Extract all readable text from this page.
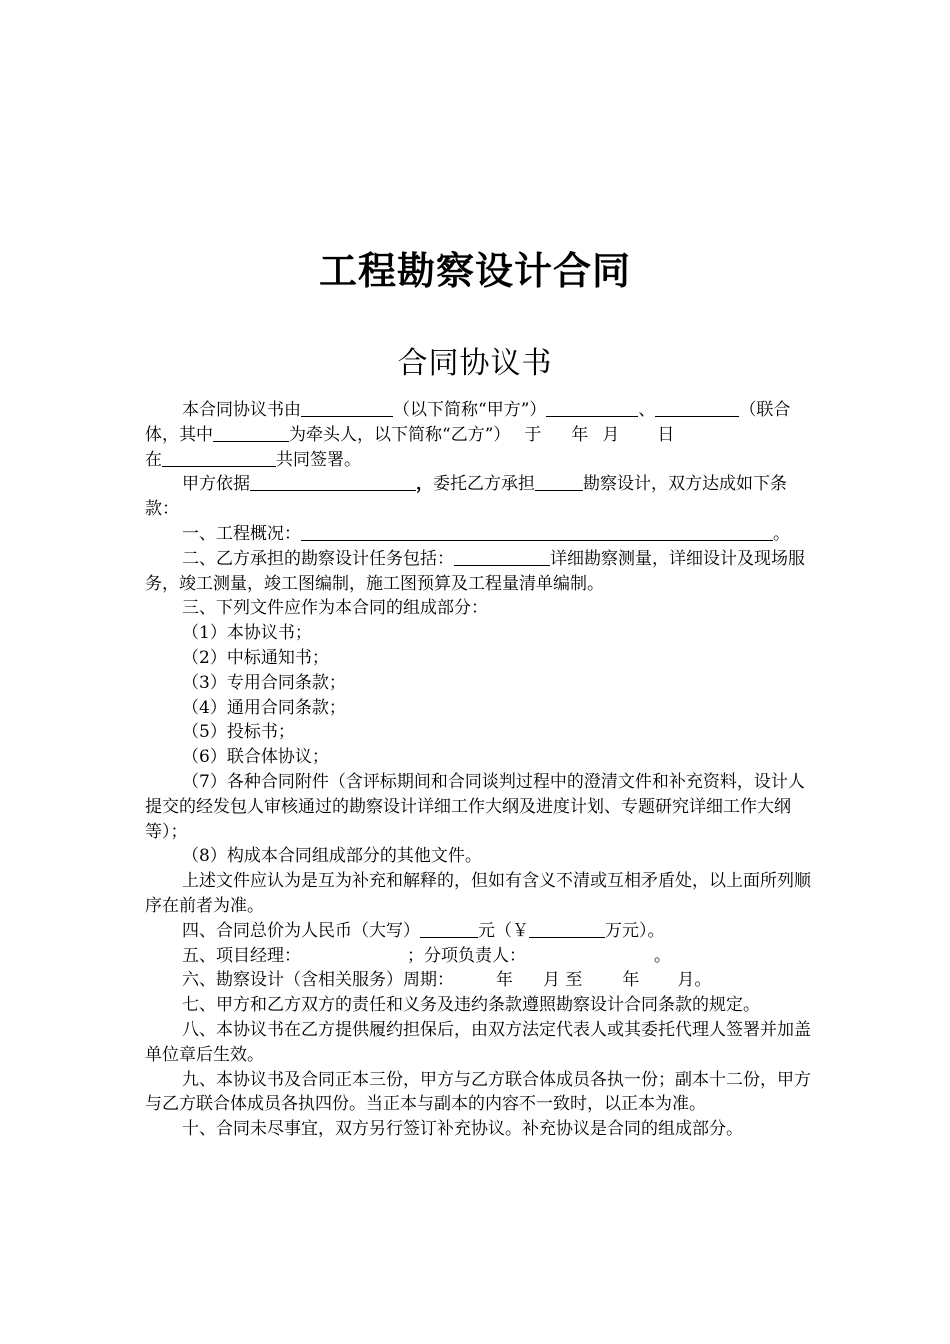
工程勘察设计合同
合同协议书

本合同协议书由	（以下简称“甲方”）	、	（联合体，其中	为牵头人，以下简称“乙方”） 于 年 月 日
在	共同签署。

甲方依据	，委托乙方承担	勘察设计，双方达成如下条款：

一、工程概况：	。

二、乙方承担的勘察设计任务包括：	详细勘察测量，详细设计及现场服务，竣工测量，竣工图编制，施工图预算及工程量清单编制。

三、下列文件应作为本合同的组成部分：

（1）本协议书；

（2）中标通知书；

（3）专用合同条款；

（4）通用合同条款；

（5）投标书；

（6）联合体协议；

（7）各种合同附件（含评标期间和合同谈判过程中的澄清文件和补充资料，设计人提交的经发包人审核通过的勘察设计详细工作大纲及进度计划、专题研究详细工作大纲等）；

（8）构成本合同组成部分的其他文件。

上述文件应认为是互为补充和解释的，但如有含义不清或互相矛盾处，以上面所列顺序在前者为准。

四、合同总价为人民币（大写）	元（￥	万元）。

五、项目经理：	；分项负责人：	。

六、勘察设计（含相关服务）周期： 年 月 至 年 月。

七、甲方和乙方双方的责任和义务及违约条款遵照勘察设计合同条款的规定。

八、本协议书在乙方提供履约担保后，由双方法定代表人或其委托代理人签署并加盖单位章后生效。

九、本协议书及合同正本三份，甲方与乙方联合体成员各执一份；副本十二份，甲方与乙方联合体成员各执四份。当正本与副本的内容不一致时，以正本为准。

十、合同未尽事宜，双方另行签订补充协议。补充协议是合同的组成部分。
